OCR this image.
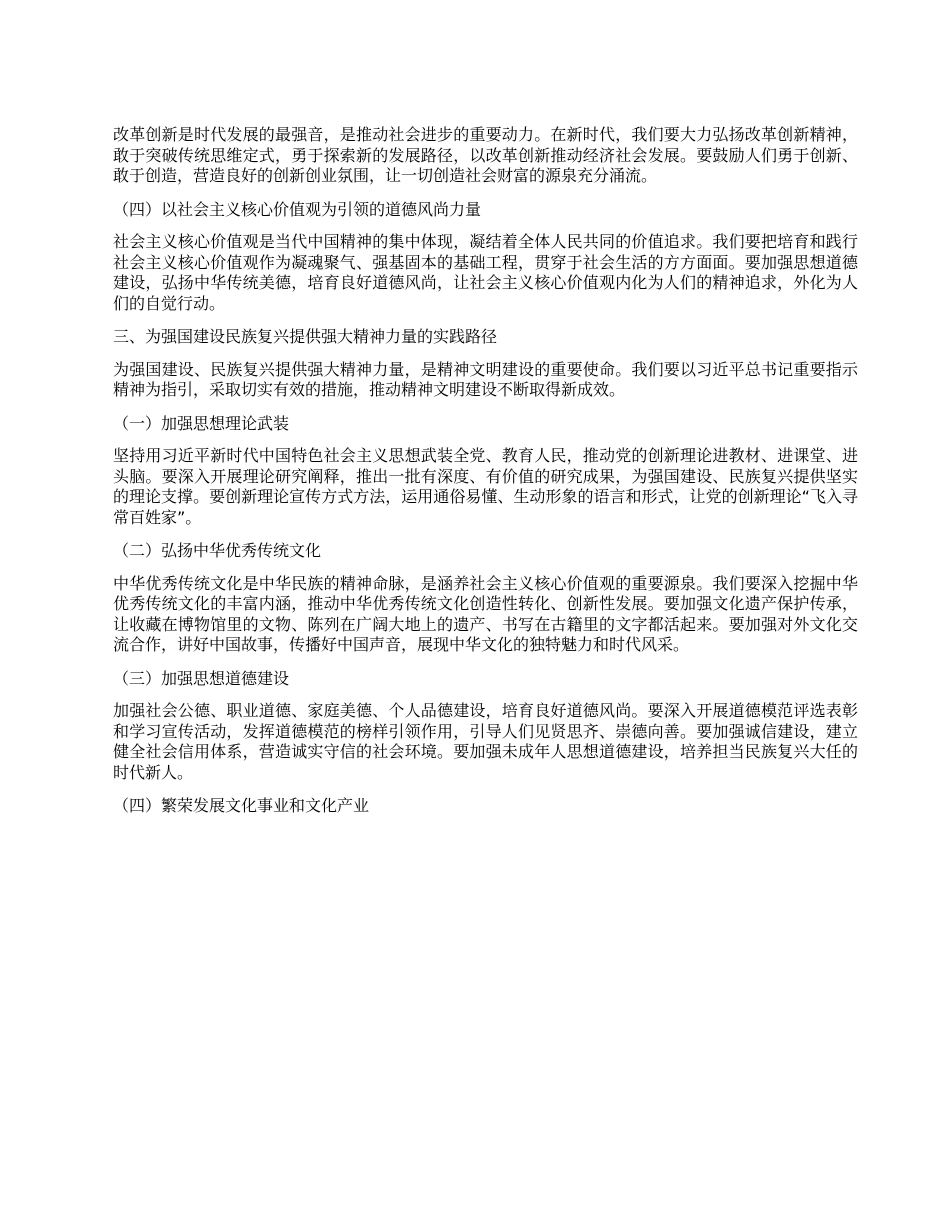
改革创新是时代发展的最强音，是推动社会进步的重要动力。在新时代，我们要大力弘扬改革创新精神，敢于突破传统思维定式，勇于探索新的发展路径，以改革创新推动经济社会发展。要鼓励人们勇于创新、敢于创造，营造良好的创新创业氛围，让一切创造社会财富的源泉充分涌流。

（四）以社会主义核心价值观为引领的道德风尚力量

社会主义核心价值观是当代中国精神的集中体现，凝结着全体人民共同的价值追求。我们要把培育和践行社会主义核心价值观作为凝魂聚气、强基固本的基础工程，贯穿于社会生活的方方面面。要加强思想道德建设，弘扬中华传统美德，培育良好道德风尚，让社会主义核心价值观内化为人们的精神追求，外化为人们的自觉行动。

三、为强国建设民族复兴提供强大精神力量的实践路径

为强国建设、民族复兴提供强大精神力量，是精神文明建设的重要使命。我们要以习近平总书记重要指示精神为指引，采取切实有效的措施，推动精神文明建设不断取得新成效。

（一）加强思想理论武装

坚持用习近平新时代中国特色社会主义思想武装全党、教育人民，推动党的创新理论进教材、进课堂、进头脑。要深入开展理论研究阐释，推出一批有深度、有价值的研究成果，为强国建设、民族复兴提供坚实的理论支撑。要创新理论宣传方式方法，运用通俗易懂、生动形象的语言和形式，让党的创新理论“飞入寻常百姓家”。

（二）弘扬中华优秀传统文化

中华优秀传统文化是中华民族的精神命脉，是涵养社会主义核心价值观的重要源泉。我们要深入挖掘中华优秀传统文化的丰富内涵，推动中华优秀传统文化创造性转化、创新性发展。要加强文化遗产保护传承，让收藏在博物馆里的文物、陈列在广阔大地上的遗产、书写在古籍里的文字都活起来。要加强对外文化交流合作，讲好中国故事，传播好中国声音，展现中华文化的独特魅力和时代风采。

（三）加强思想道德建设

加强社会公德、职业道德、家庭美德、个人品德建设，培育良好道德风尚。要深入开展道德模范评选表彰和学习宣传活动，发挥道德模范的榜样引领作用，引导人们见贤思齐、崇德向善。要加强诚信建设，建立健全社会信用体系，营造诚实守信的社会环境。要加强未成年人思想道德建设，培养担当民族复兴大任的时代新人。

（四）繁荣发展文化事业和文化产业
